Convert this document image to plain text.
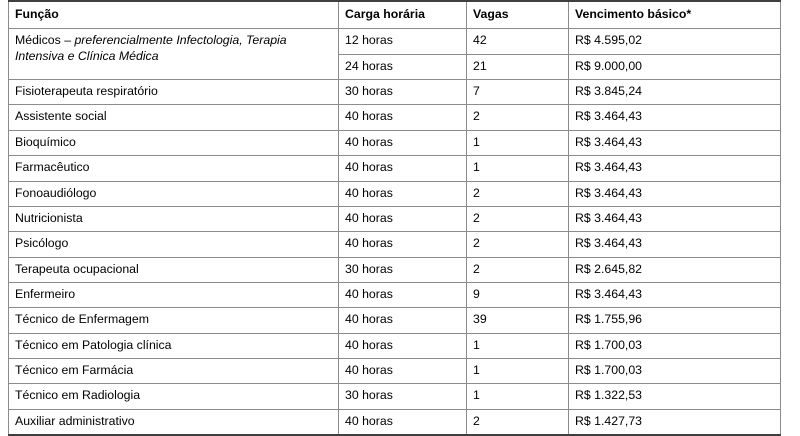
Função	Carga horária	Vagas	Vencimento básico*
Médicos – preferencialmente Infectologia, Terapia Intensiva e Clínica Médica	12 horas	42	R$ 4.595,02
	24 horas	21	R$ 9.000,00
Fisioterapeuta respiratório	30 horas	7	R$ 3.845,24
Assistente social	40 horas	2	R$ 3.464,43
Bioquímico	40 horas	1	R$ 3.464,43
Farmacêutico	40 horas	1	R$ 3.464,43
Fonoaudiólogo	40 horas	2	R$ 3.464,43
Nutricionista	40 horas	2	R$ 3.464,43
Psicólogo	40 horas	2	R$ 3.464,43
Terapeuta ocupacional	30 horas	2	R$ 2.645,82
Enfermeiro	40 horas	9	R$ 3.464,43
Técnico de Enfermagem	40 horas	39	R$ 1.755,96
Técnico em Patologia clínica	40 horas	1	R$ 1.700,03
Técnico em Farmácia	40 horas	1	R$ 1.700,03
Técnico em Radiologia	30 horas	1	R$ 1.322,53
Auxiliar administrativo	40 horas	2	R$ 1.427,73
